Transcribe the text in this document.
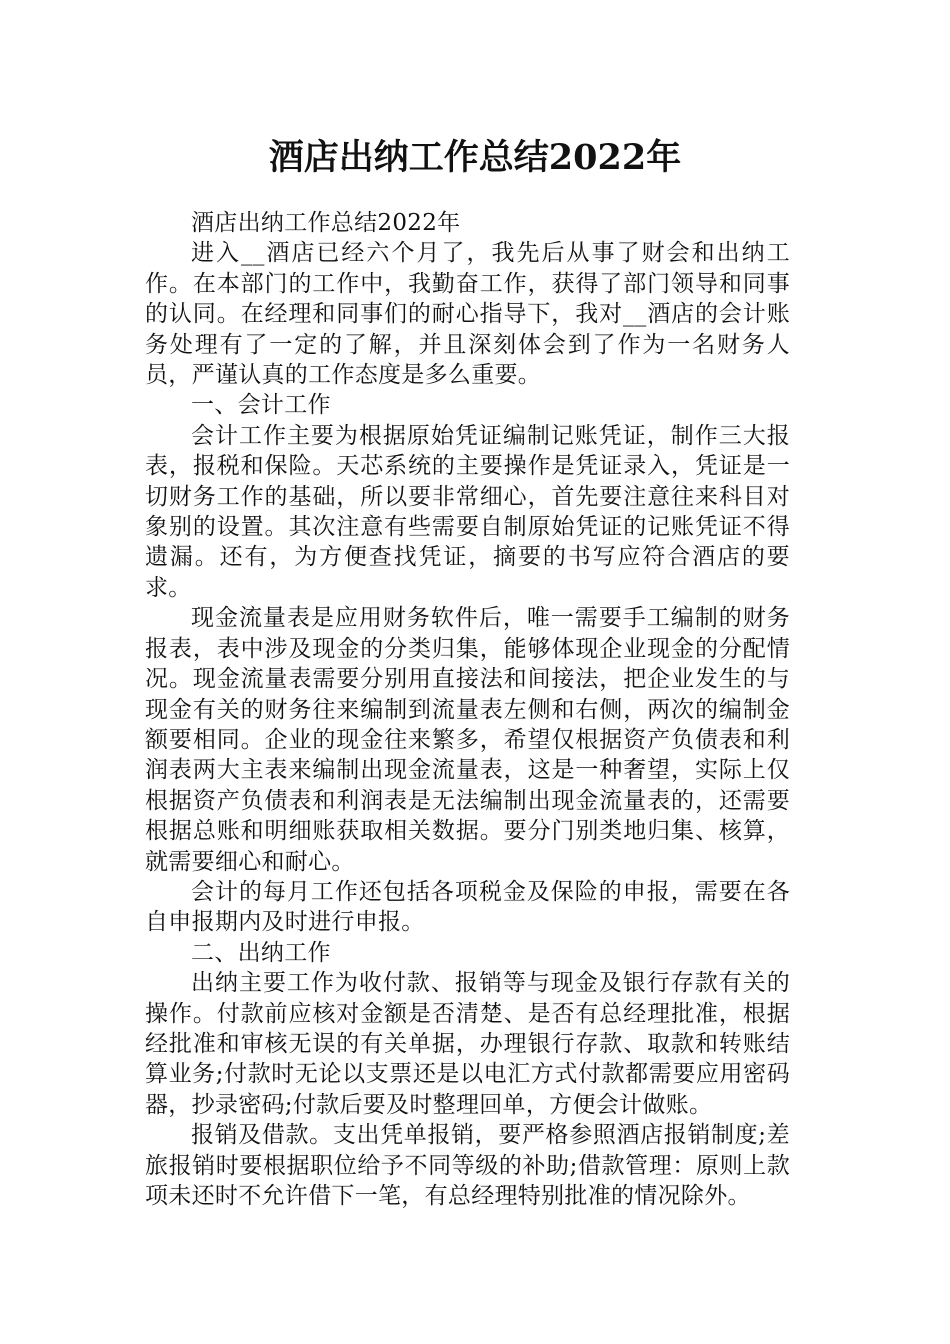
酒店出纳工作总结2022年

酒店出纳工作总结2022年

进入__酒店已经六个月了，我先后从事了财会和出纳工作。在本部门的工作中，我勤奋工作，获得了部门领导和同事的认同。在经理和同事们的耐心指导下，我对__酒店的会计账务处理有了一定的了解，并且深刻体会到了作为一名财务人员，严谨认真的工作态度是多么重要。

一、会计工作

会计工作主要为根据原始凭证编制记账凭证，制作三大报表，报税和保险。天芯系统的主要操作是凭证录入，凭证是一切财务工作的基础，所以要非常细心，首先要注意往来科目对象别的设置。其次注意有些需要自制原始凭证的记账凭证不得遗漏。还有，为方便查找凭证，摘要的书写应符合酒店的要求。

现金流量表是应用财务软件后，唯一需要手工编制的财务报表，表中涉及现金的分类归集，能够体现企业现金的分配情况。现金流量表需要分别用直接法和间接法，把企业发生的与现金有关的财务往来编制到流量表左侧和右侧，两次的编制金额要相同。企业的现金往来繁多，希望仅根据资产负债表和利润表两大主表来编制出现金流量表，这是一种奢望，实际上仅根据资产负债表和利润表是无法编制出现金流量表的，还需要根据总账和明细账获取相关数据。要分门别类地归集、核算，就需要细心和耐心。

会计的每月工作还包括各项税金及保险的申报，需要在各自申报期内及时进行申报。

二、出纳工作

出纳主要工作为收付款、报销等与现金及银行存款有关的操作。付款前应核对金额是否清楚、是否有总经理批准，根据经批准和审核无误的有关单据，办理银行存款、取款和转账结算业务;付款时无论以支票还是以电汇方式付款都需要应用密码器，抄录密码;付款后要及时整理回单，方便会计做账。

报销及借款。支出凭单报销，要严格参照酒店报销制度;差旅报销时要根据职位给予不同等级的补助;借款管理：原则上款项未还时不允许借下一笔，有总经理特别批准的情况除外。
